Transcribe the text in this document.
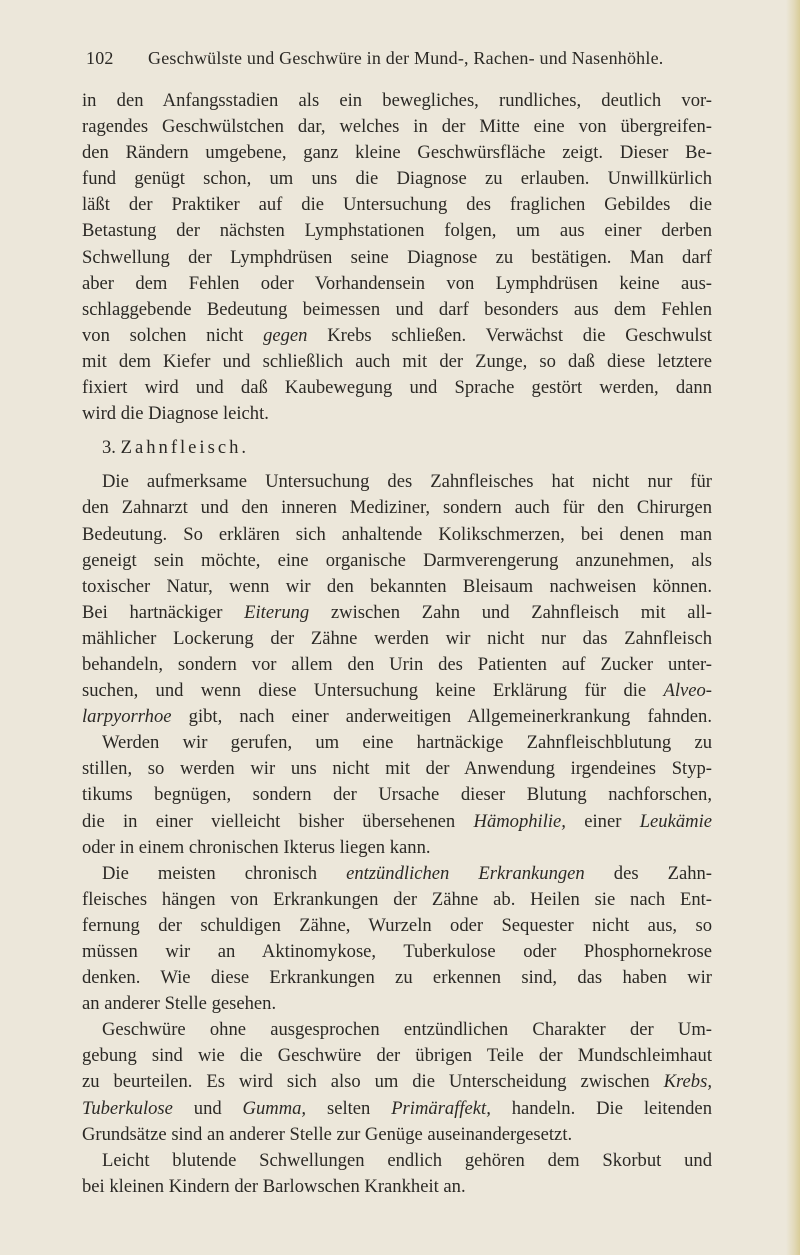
102 Geschwülste und Geschwüre in der Mund-, Rachen- und Nasenhöhle.
in den Anfangsstadien als ein bewegliches, rundliches, deutlich vor-
ragendes Geschwülstchen dar, welches in der Mitte eine von übergreifen-
den Rändern umgebene, ganz kleine Geschwürsfläche zeigt. Dieser Be-
fund genügt schon, um uns die Diagnose zu erlauben. Unwillkürlich
läßt der Praktiker auf die Untersuchung des fraglichen Gebildes die
Betastung der nächsten Lymphstationen folgen, um aus einer derben
Schwellung der Lymphdrüsen seine Diagnose zu bestätigen. Man darf
aber dem Fehlen oder Vorhandensein von Lymphdrüsen keine aus-
schlaggebende Bedeutung beimessen und darf besonders aus dem Fehlen
von solchen nicht gegen Krebs schließen. Verwächst die Geschwulst
mit dem Kiefer und schließlich auch mit der Zunge, so daß diese letztere
fixiert wird und daß Kaubewegung und Sprache gestört werden, dann
wird die Diagnose leicht.
3. Zahnfleisch.
Die aufmerksame Untersuchung des Zahnfleisches hat nicht nur für
den Zahnarzt und den inneren Mediziner, sondern auch für den Chirurgen
Bedeutung. So erklären sich anhaltende Kolikschmerzen, bei denen man
geneigt sein möchte, eine organische Darmverengerung anzunehmen, als
toxischer Natur, wenn wir den bekannten Bleisaum nachweisen können.
Bei hartnäckiger Eiterung zwischen Zahn und Zahnfleisch mit all-
mählicher Lockerung der Zähne werden wir nicht nur das Zahnfleisch
behandeln, sondern vor allem den Urin des Patienten auf Zucker unter-
suchen, und wenn diese Untersuchung keine Erklärung für die Alveo-
larpyorrhoe gibt, nach einer anderweitigen Allgemeinerkrankung fahnden.
Werden wir gerufen, um eine hartnäckige Zahnfleischblutung zu
stillen, so werden wir uns nicht mit der Anwendung irgendeines Styp-
tikums begnügen, sondern der Ursache dieser Blutung nachforschen,
die in einer vielleicht bisher übersehenen Hämophilie, einer Leukämie
oder in einem chronischen Ikterus liegen kann.
Die meisten chronisch entzündlichen Erkrankungen des Zahn-
fleisches hängen von Erkrankungen der Zähne ab. Heilen sie nach Ent-
fernung der schuldigen Zähne, Wurzeln oder Sequester nicht aus, so
müssen wir an Aktinomykose, Tuberkulose oder Phosphornekrose
denken. Wie diese Erkrankungen zu erkennen sind, das haben wir
an anderer Stelle gesehen.
Geschwüre ohne ausgesprochen entzündlichen Charakter der Um-
gebung sind wie die Geschwüre der übrigen Teile der Mundschleimhaut
zu beurteilen. Es wird sich also um die Unterscheidung zwischen Krebs,
Tuberkulose und Gumma, selten Primäraffekt, handeln. Die leitenden
Grundsätze sind an anderer Stelle zur Genüge auseinandergesetzt.
Leicht blutende Schwellungen endlich gehören dem Skorbut und
bei kleinen Kindern der Barlowschen Krankheit an.
